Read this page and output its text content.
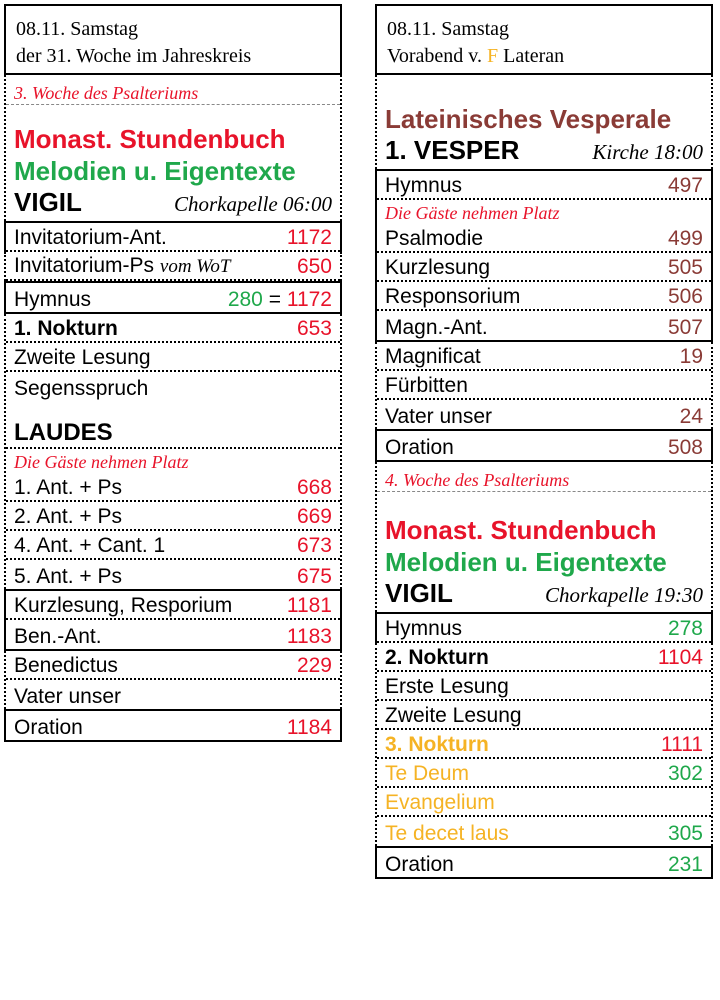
08.11. Samstag
der 31. Woche im Jahreskreis
3. Woche des Psalteriums
Monast. Stundenbuch
Melodien u. Eigentexte
VIGIL	Chorkapelle 06:00
Invitatorium-Ant.	1172
Invitatorium-Ps vom WoT	650
Hymnus	280 = 1172
1. Nokturn	653
Zweite Lesung
Segensspruch
LAUDES
Die Gäste nehmen Platz
1. Ant. + Ps	668
2. Ant. + Ps	669
4. Ant. + Cant. 1	673
5. Ant. + Ps	675
Kurzlesung, Resporium	1181
Ben.-Ant.	1183
Benedictus	229
Vater unser
Oration	1184
08.11. Samstag
Vorabend v. F Lateran
Lateinisches Vesperale
1. VESPER	Kirche 18:00
Hymnus	497
Die Gäste nehmen Platz
Psalmodie	499
Kurzlesung	505
Responsorium	506
Magn.-Ant.	507
Magnificat	19
Fürbitten
Vater unser	24
Oration	508
4. Woche des Psalteriums
Monast. Stundenbuch
Melodien u. Eigentexte
VIGIL	Chorkapelle 19:30
Hymnus	278
2. Nokturn	1104
Erste Lesung
Zweite Lesung
3. Nokturn	1111
Te Deum	302
Evangelium
Te decet laus	305
Oration	231
